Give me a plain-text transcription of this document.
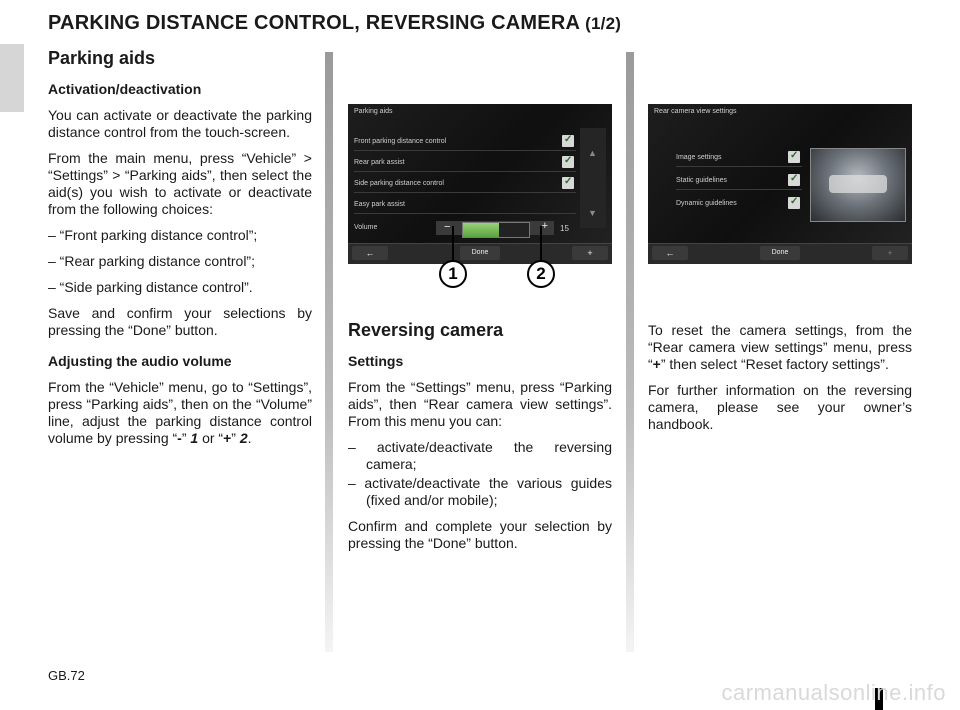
PARKING DISTANCE CONTROL, REVERSING CAMERA (1/2)
Parking aids

Activation/deactivation

You can activate or deactivate the parking distance control from the touch-screen.

From the main menu, press “Vehicle” > “Settings” > “Parking aids”, then select the aid(s) you wish to activate or deactivate from the following choices:

– “Front parking distance control”;

– “Rear parking distance control”;

– “Side parking distance control”.

Save and confirm your selections by pressing the “Done” button.

Adjusting the audio volume

From the “Vehicle” menu, go to “Settings”, press “Parking aids”, then on the “Volume” line, adjust the parking distance control volume by pressing “-” 1 or “+” 2.

Parking aids
Front parking distance control
✓
Rear park assist
✓
Side parking distance control
✓
Easy park assist
Volume	−	+ 15
▲
▼
←	Done	+
1	2
Reversing camera

Settings

From the “Settings” menu, press “Parking aids”, then “Rear camera view settings”. From this menu you can:

– activate/deactivate the reversing camera;

– activate/deactivate the various guides (fixed and/or mobile);

Confirm and complete your selection by pressing the “Done” button.

Rear camera view settings
Image settings
✓
Static guidelines
✓
Dynamic guidelines
✓
←	Done	+

To reset the camera settings, from the “Rear camera view settings” menu, press “+” then select “Reset factory settings”.

For further information on the reversing camera, please see your owner’s handbook.

GB.72
carmanualsonline.info
